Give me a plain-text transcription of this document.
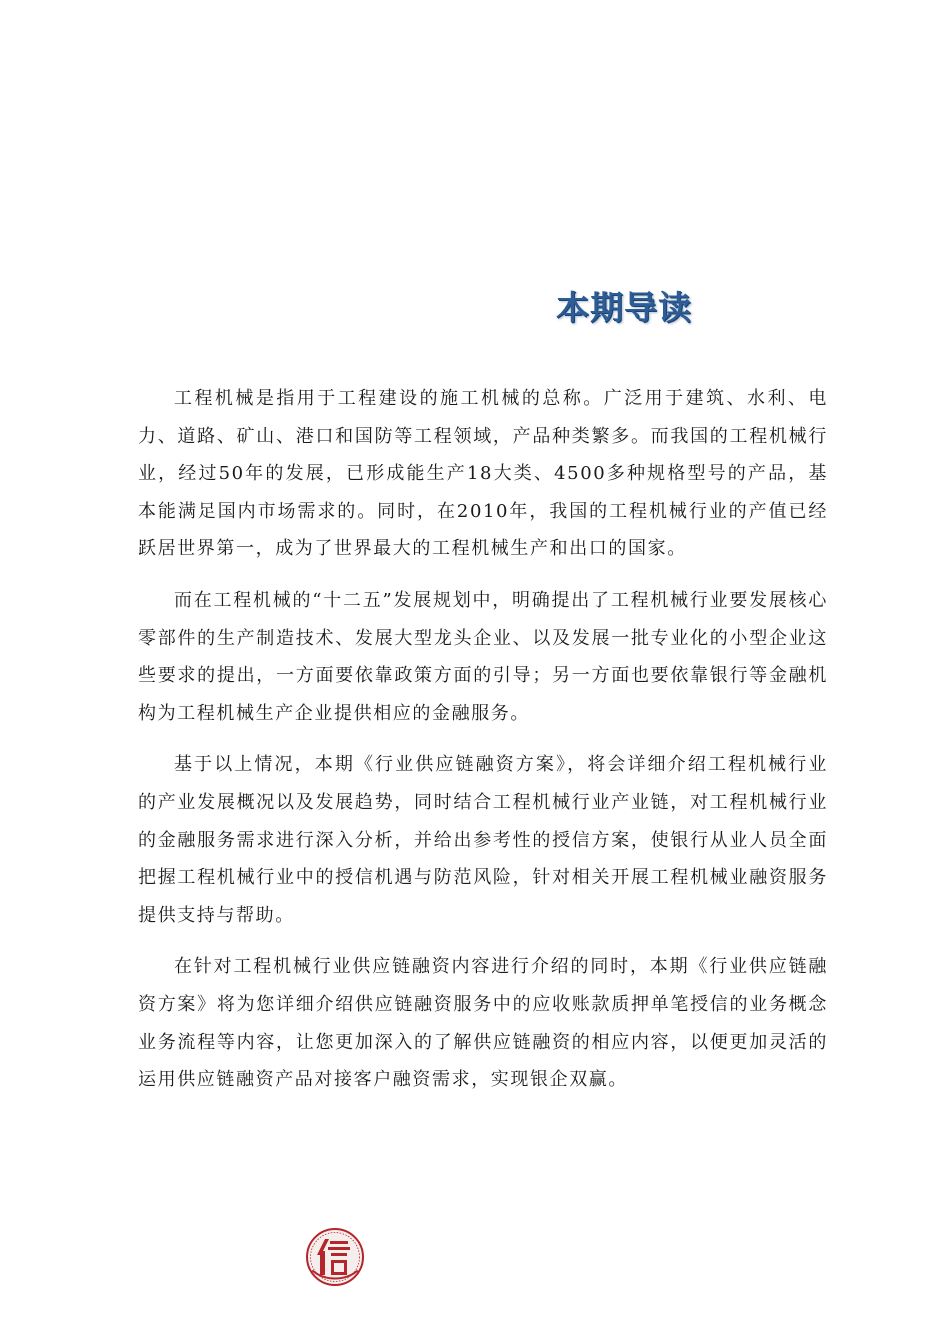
本期导读

工程机械是指用于工程建设的施工机械的总称。广泛用于建筑、水利、电力、道路、矿山、港口和国防等工程领域，产品种类繁多。而我国的工程机械行业，经过50年的发展，已形成能生产18大类、4500多种规格型号的产品，基本能满足国内市场需求的。同时，在2010年，我国的工程机械行业的产值已经跃居世界第一，成为了世界最大的工程机械生产和出口的国家。

而在工程机械的“十二五”发展规划中，明确提出了工程机械行业要发展核心零部件的生产制造技术、发展大型龙头企业、以及发展一批专业化的小型企业这些要求的提出，一方面要依靠政策方面的引导；另一方面也要依靠银行等金融机构为工程机械生产企业提供相应的金融服务。

基于以上情况，本期《行业供应链融资方案》，将会详细介绍工程机械行业的产业发展概况以及发展趋势，同时结合工程机械行业产业链，对工程机械行业的金融服务需求进行深入分析，并给出参考性的授信方案，使银行从业人员全面把握工程机械行业中的授信机遇与防范风险，针对相关开展工程机械业融资服务提供支持与帮助。

在针对工程机械行业供应链融资内容进行介绍的同时，本期《行业供应链融资方案》将为您详细介绍供应链融资服务中的应收账款质押单笔授信的业务概念业务流程等内容，让您更加深入的了解供应链融资的相应内容，以便更加灵活的运用供应链融资产品对接客户融资需求，实现银企双赢。
